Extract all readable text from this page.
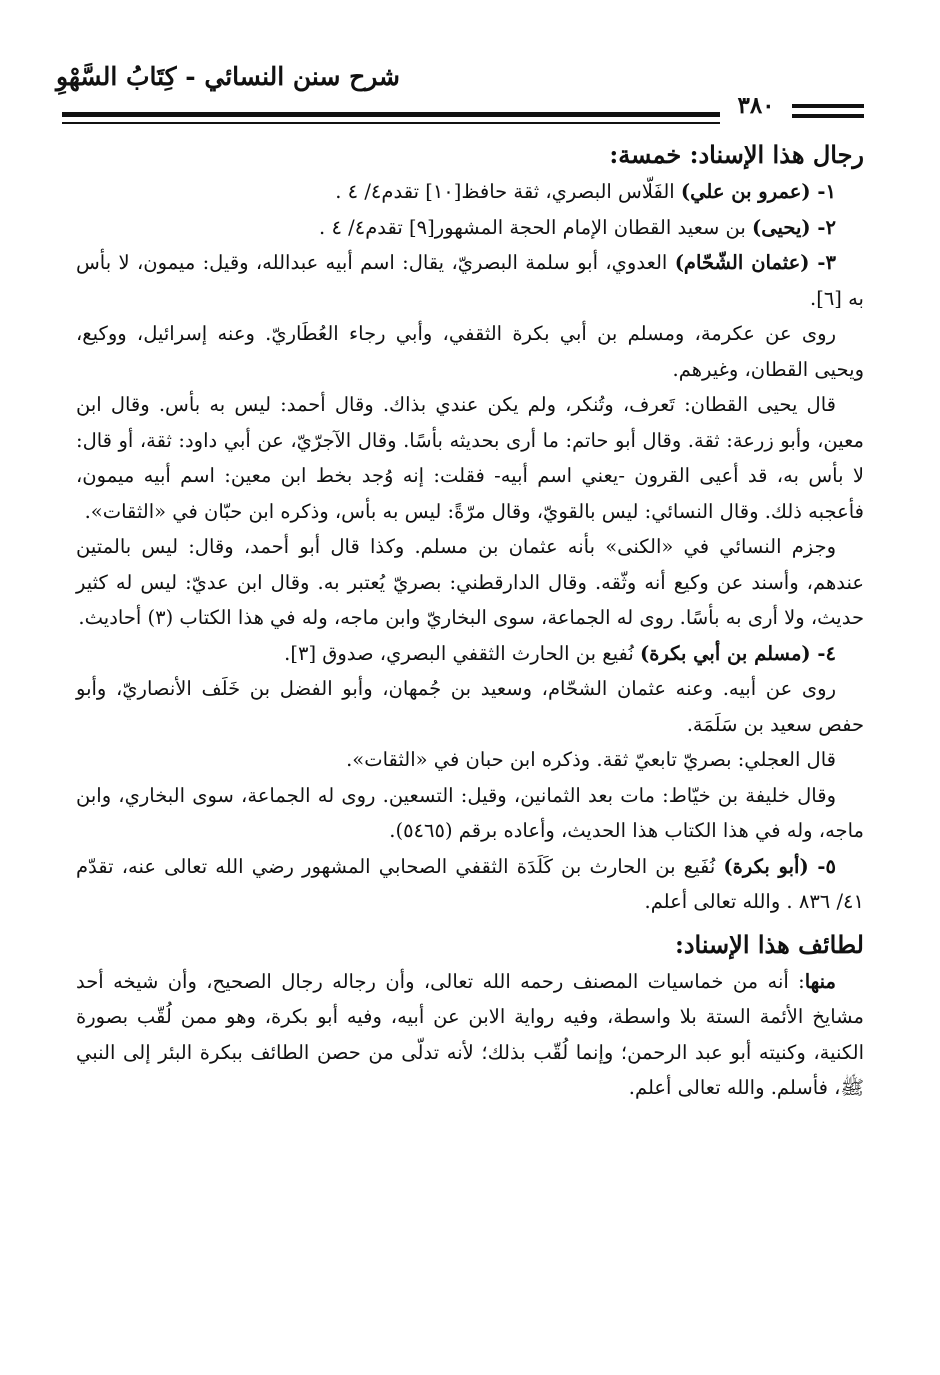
شرح سنن النسائي - كِتَابُ السَّهْوِ
٣٨٠

رجال هذا الإسناد: خمسة:

١- (عمرو بن علي) الفَلّاس البصري، ثقة حافظ[١٠] تقدم٤/ ٤ .

٢- (يحيى) بن سعيد القطان الإمام الحجة المشهور[٩] تقدم٤/ ٤ .

٣- (عثمان الشّحّام) العدوي، أبو سلمة البصريّ، يقال: اسم أبيه عبدالله، وقيل: ميمون، لا بأس به [٦].

روى عن عكرمة، ومسلم بن أبي بكرة الثقفي، وأبي رجاء العُطَاريّ. وعنه إسرائيل، ووكيع، ويحيى القطان، وغيرهم.

قال يحيى القطان: تَعرف، وتُنكر، ولم يكن عندي بذاك. وقال أحمد: ليس به بأس. وقال ابن معين، وأبو زرعة: ثقة. وقال أبو حاتم: ما أرى بحديثه بأسًا. وقال الآجرّيّ، عن أبي داود: ثقة، أو قال: لا بأس به، قد أعيى القرون -يعني اسم أبيه- فقلت: إنه وُجد بخط ابن معين: اسم أبيه ميمون، فأعجبه ذلك. وقال النسائي: ليس بالقويّ، وقال مرّةً: ليس به بأس، وذكره ابن حبّان في «الثقات».

وجزم النسائي في «الكنى» بأنه عثمان بن مسلم. وكذا قال أبو أحمد، وقال: ليس بالمتين عندهم، وأسند عن وكيع أنه وثّقه. وقال الدارقطني: بصريّ يُعتبر به. وقال ابن عديّ: ليس له كثير حديث، ولا أرى به بأسًا. روى له الجماعة، سوى البخاريّ وابن ماجه، وله في هذا الكتاب (٣) أحاديث.

٤- (مسلم بن أبي بكرة) نُفيع بن الحارث الثقفي البصري، صدوق [٣].

روى عن أبيه. وعنه عثمان الشحّام، وسعيد بن جُمهان، وأبو الفضل بن خَلَف الأنصاريّ، وأبو حفص سعيد بن سَلَمَة.

قال العجلي: بصريّ تابعيّ ثقة. وذكره ابن حبان في «الثقات».

وقال خليفة بن خيّاط: مات بعد الثمانين، وقيل: التسعين. روى له الجماعة، سوى البخاري، وابن ماجه، وله في هذا الكتاب هذا الحديث، وأعاده برقم (٥٤٦٥).

٥- (أبو بكرة) نُفَيع بن الحارث بن كَلَدَة الثقفي الصحابي المشهور رضي الله تعالى عنه، تقدّم ٤١/ ٨٣٦ . والله تعالى أعلم.

لطائف هذا الإسناد:

منها: أنه من خماسيات المصنف رحمه الله تعالى، وأن رجاله رجال الصحيح، وأن شيخه أحد مشايخ الأئمة الستة بلا واسطة، وفيه رواية الابن عن أبيه، وفيه أبو بكرة، وهو ممن لُقّب بصورة الكنية، وكنيته أبو عبد الرحمن؛ وإنما لُقّب بذلك؛ لأنه تدلّى من حصن الطائف ببكرة البئر إلى النبي ﷺ، فأسلم. والله تعالى أعلم.
